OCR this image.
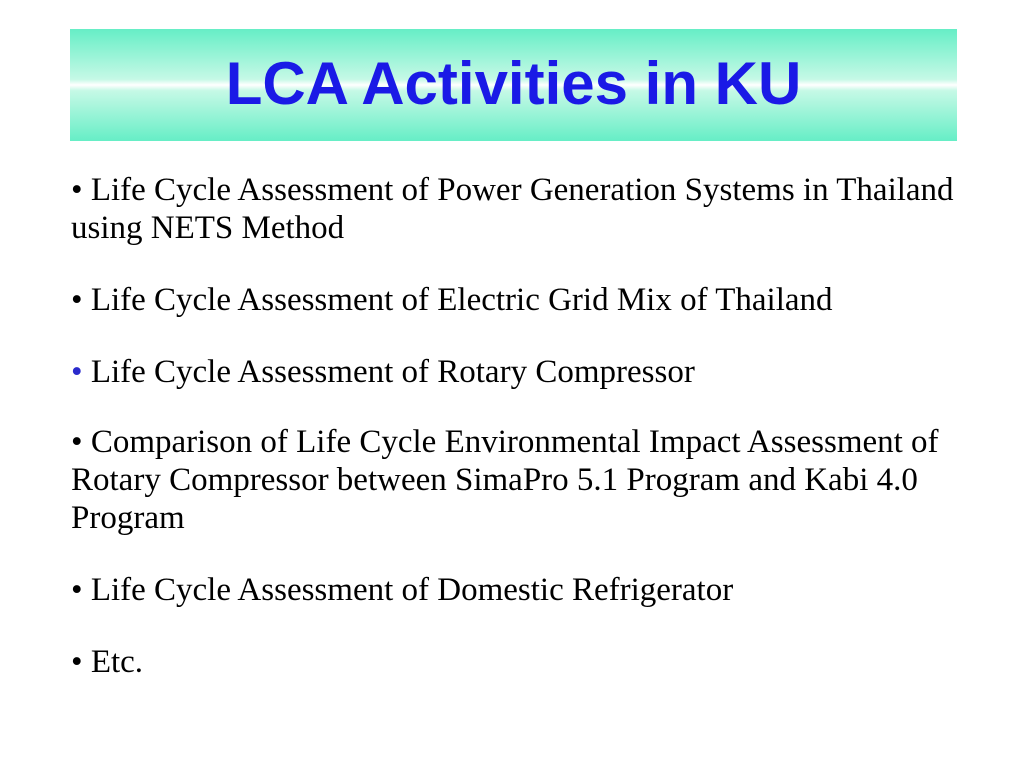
LCA Activities in KU
• Life Cycle Assessment of Power Generation Systems in Thailand using NETS Method
• Life Cycle Assessment of Electric Grid Mix of Thailand
• Life Cycle Assessment of Rotary Compressor
• Comparison of Life Cycle Environmental Impact Assessment of Rotary Compressor between SimaPro 5.1 Program and Kabi 4.0 Program
• Life Cycle Assessment of Domestic Refrigerator
• Etc.
